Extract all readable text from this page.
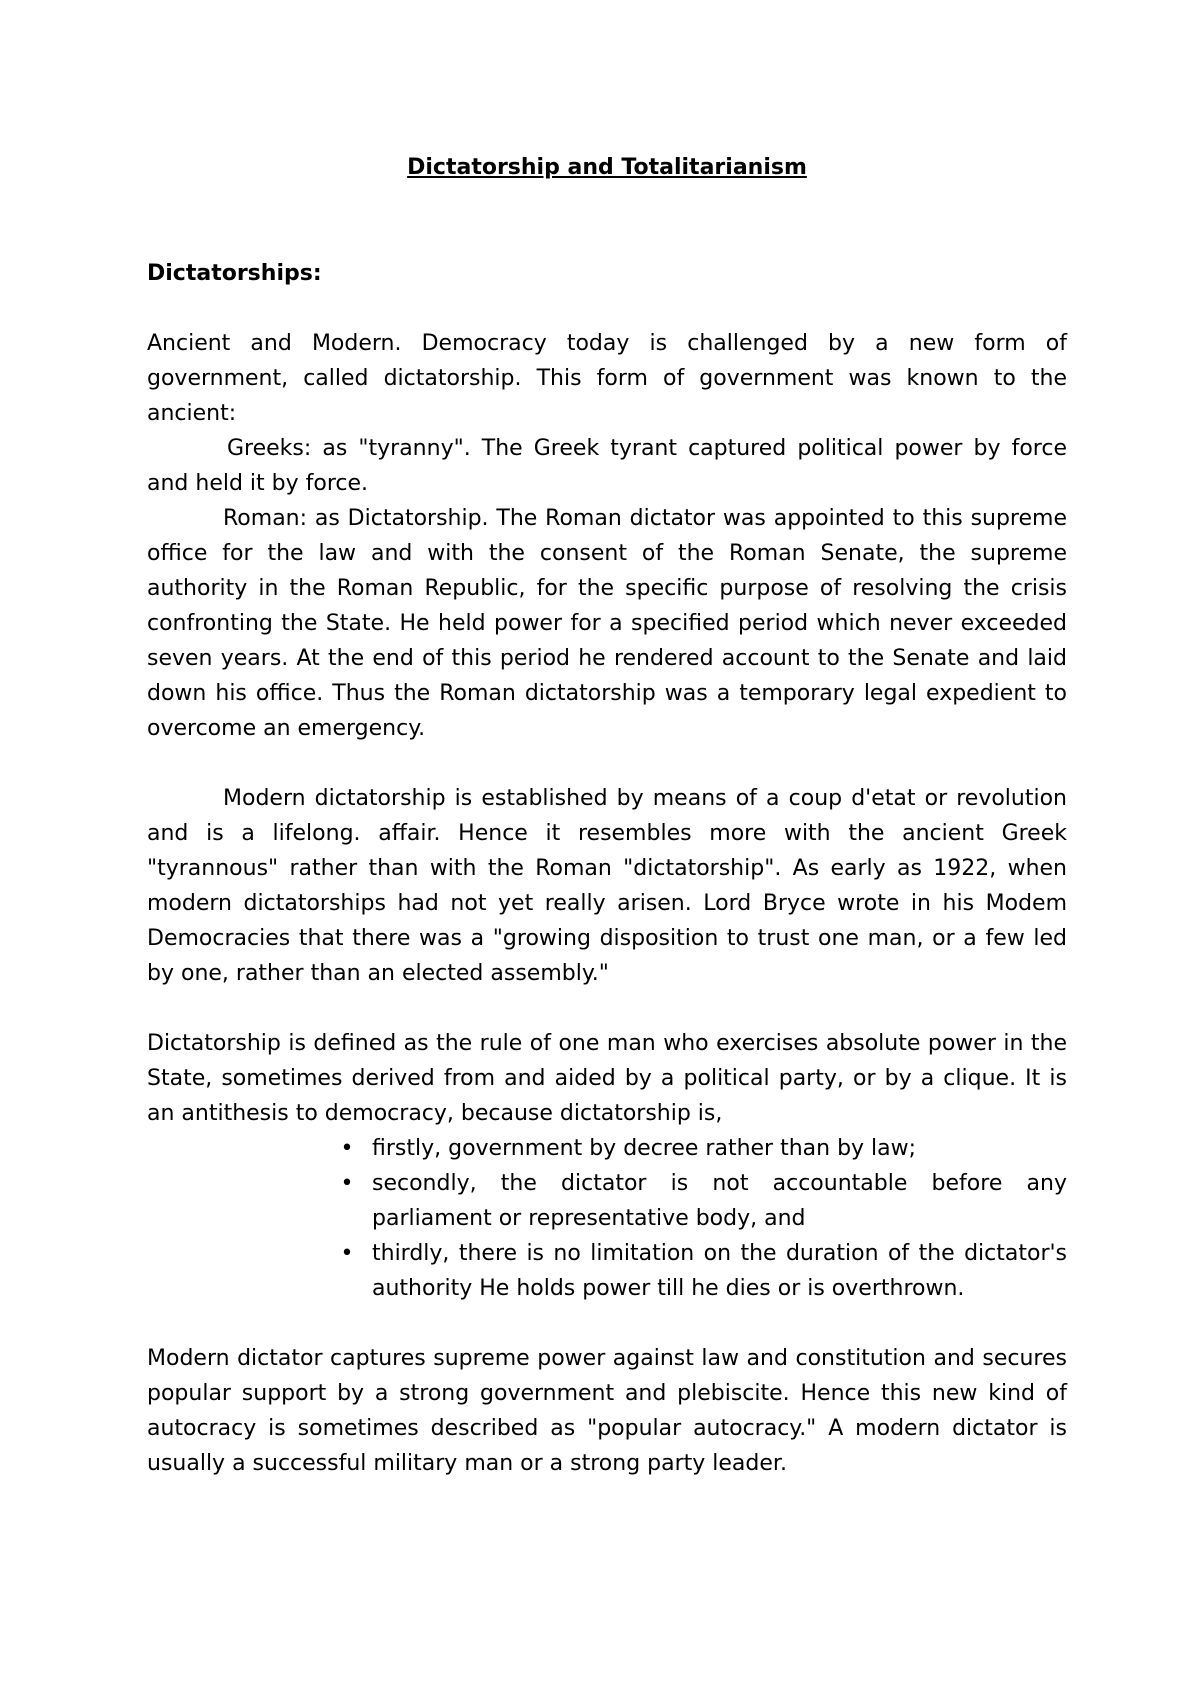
Dictatorship and Totalitarianism
Dictatorships:

Ancient and Modern. Democracy today is challenged by a new form of government, called dictatorship. This form of government was known to the ancient:

Greeks: as "tyranny". The Greek tyrant captured political power by force and held it by force.

Roman: as Dictatorship. The Roman dictator was appointed to this supreme office for the law and with the consent of the Roman Senate, the supreme authority in the Roman Republic, for the specific purpose of resolving the crisis confronting the State. He held power for a specified period which never exceeded seven years. At the end of this period he rendered account to the Senate and laid down his office. Thus the Roman dictatorship was a temporary legal expedient to overcome an emergency.

Modern dictatorship is established by means of a coup d'etat or revolution and is a lifelong. affair. Hence it resembles more with the ancient Greek "tyrannous" rather than with the Roman "dictatorship". As early as 1922, when modern dictatorships had not yet really arisen. Lord Bryce wrote in his Modem Democracies that there was a "growing disposition to trust one man, or a few led by one, rather than an elected assembly."

Dictatorship is defined as the rule of one man who exercises absolute power in the State, sometimes derived from and aided by a political party, or by a clique. It is an antithesis to democracy, because dictatorship is,

• firstly, government by decree rather than by law;
• secondly, the dictator is not accountable before any parliament or representative body, and
• thirdly, there is no limitation on the duration of the dictator's authority He holds power till he dies or is overthrown.

Modern dictator captures supreme power against law and constitution and secures popular support by a strong government and plebiscite. Hence this new kind of autocracy is sometimes described as "popular autocracy." A modern dictator is usually a successful military man or a strong party leader.
